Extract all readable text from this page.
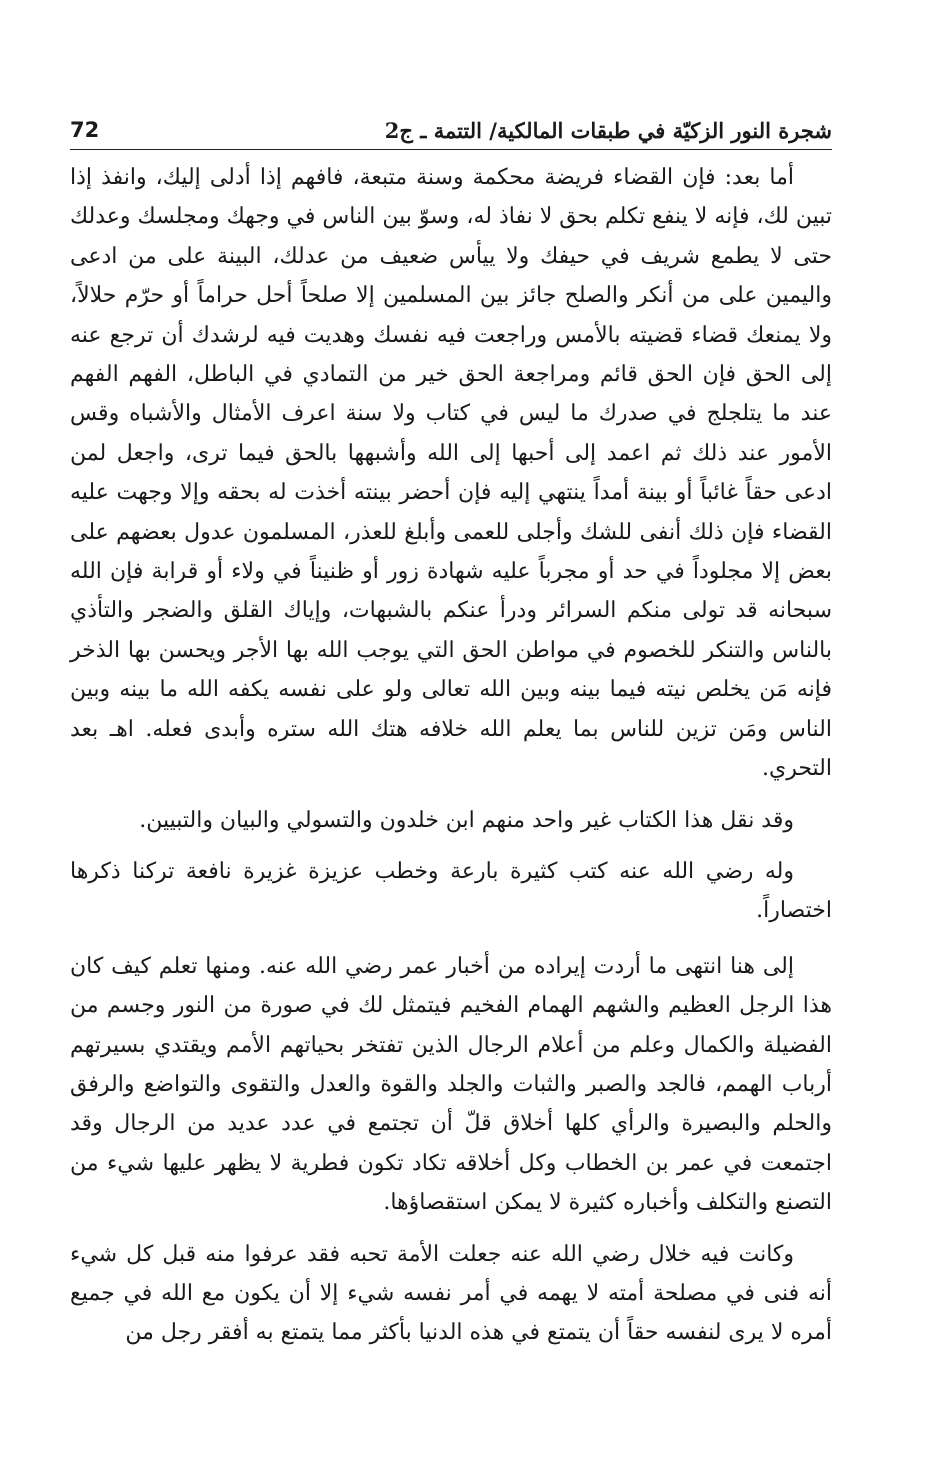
72	شجرة النور الزكيّة في طبقات المالكية/ التتمة ـ ج2

أما بعد: فإن القضاء فريضة محكمة وسنة متبعة، فافهم إذا أدلى إليك، وانفذ إذا تبين لك، فإنه لا ينفع تكلم بحق لا نفاذ له، وسوّ بين الناس في وجهك ومجلسك وعدلك حتى لا يطمع شريف في حيفك ولا ييأس ضعيف من عدلك، البينة على من ادعى واليمين على من أنكر والصلح جائز بين المسلمين إلا صلحاً أحل حراماً أو حرّم حلالاً، ولا يمنعك قضاء قضيته بالأمس وراجعت فيه نفسك وهديت فيه لرشدك أن ترجع عنه إلى الحق فإن الحق قائم ومراجعة الحق خير من التمادي في الباطل، الفهم الفهم عند ما يتلجلج في صدرك ما ليس في كتاب ولا سنة اعرف الأمثال والأشباه وقس الأمور عند ذلك ثم اعمد إلى أحبها إلى الله وأشبهها بالحق فيما ترى، واجعل لمن ادعى حقاً غائباً أو بينة أمداً ينتهي إليه فإن أحضر بينته أخذت له بحقه وإلا وجهت عليه القضاء فإن ذلك أنفى للشك وأجلى للعمى وأبلغ للعذر، المسلمون عدول بعضهم على بعض إلا مجلوداً في حد أو مجرباً عليه شهادة زور أو ظنيناً في ولاء أو قرابة فإن الله سبحانه قد تولى منكم السرائر ودرأ عنكم بالشبهات، وإياك القلق والضجر والتأذي بالناس والتنكر للخصوم في مواطن الحق التي يوجب الله بها الأجر ويحسن بها الذخر فإنه مَن يخلص نيته فيما بينه وبين الله تعالى ولو على نفسه يكفه الله ما بينه وبين الناس ومَن تزين للناس بما يعلم الله خلافه هتك الله ستره وأبدى فعله. اهـ بعد التحري.

وقد نقل هذا الكتاب غير واحد منهم ابن خلدون والتسولي والبيان والتبيين.

وله رضي الله عنه كتب كثيرة بارعة وخطب عزيزة غزيرة نافعة تركنا ذكرها اختصاراً.

إلى هنا انتهى ما أردت إيراده من أخبار عمر رضي الله عنه. ومنها تعلم كيف كان هذا الرجل العظيم والشهم الهمام الفخيم فيتمثل لك في صورة من النور وجسم من الفضيلة والكمال وعلم من أعلام الرجال الذين تفتخر بحياتهم الأمم ويقتدي بسيرتهم أرباب الهمم، فالجد والصبر والثبات والجلد والقوة والعدل والتقوى والتواضع والرفق والحلم والبصيرة والرأي كلها أخلاق قلّ أن تجتمع في عدد عديد من الرجال وقد اجتمعت في عمر بن الخطاب وكل أخلاقه تكاد تكون فطرية لا يظهر عليها شيء من التصنع والتكلف وأخباره كثيرة لا يمكن استقصاؤها.

وكانت فيه خلال رضي الله عنه جعلت الأمة تحبه فقد عرفوا منه قبل كل شيء أنه فنى في مصلحة أمته لا يهمه في أمر نفسه شيء إلا أن يكون مع الله في جميع أمره لا يرى لنفسه حقاً أن يتمتع في هذه الدنيا بأكثر مما يتمتع به أفقر رجل من
